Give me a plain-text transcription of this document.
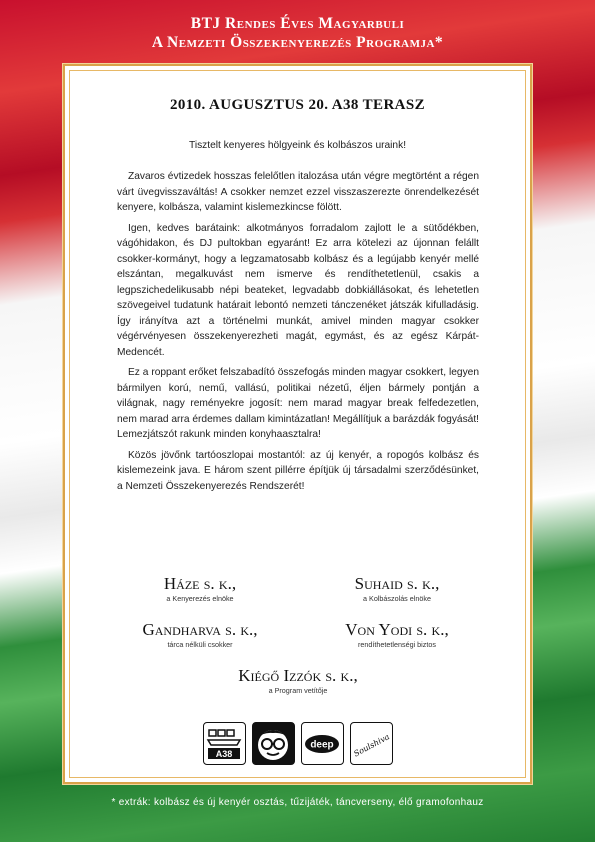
BTJ Rendes Éves Magyarbuli
A Nemzeti Összekenyerezés Programja*
2010. AUGUSZTUS 20. A38 TERASZ
Tisztelt kenyeres hölgyeink és kolbászos uraink!

Zavaros évtizedek hosszas felelőtlen italozása után végre megtörtént a régen várt üvegvisszaváltás! A csokker nemzet ezzel visszaszerezte önrendelkezését kenyere, kolbásza, valamint kislemezkincse fölött.

Igen, kedves barátaink: alkotmányos forradalom zajlott le a sütődékben, vágóhidakon, és DJ pultokban egyaránt! Ez arra kötelezi az újonnan felállt csokker-kormányt, hogy a legzamatosabb kolbász és a legújabb kenyér mellé elszántan, megalkuvást nem ismerve és rendíthetetlenül, csakis a legpszichedelikusabb népi beateket, legvadabb dobkiállásokat, és lehetetlen szövegeivel tudatunk határait lebontó nemzeti tánczenéket játszák kifulladásig. Így irányítva azt a történelmi munkát, amivel minden magyar csokker végérvényesen összekenyerezheti magát, egymást, és az egész Kárpát-Medencét.

Ez a roppant erőket felszabadító összefogás minden magyar csokkert, legyen bármilyen korú, nemű, vallású, politikai nézetű, éljen bármely pontján a világnak, nagy reményekre jogosít: nem marad magyar break felfedezetlen, nem marad arra érdemes dallam kimintázatlan! Megállítjuk a barázdák fogyását! Lemezjátszót rakunk minden konyhaasztalra!

Közös jövőnk tartóoszlopai mostantól: az új kenyér, a ropogós kolbász és kislemezeink java. E három szent pillérre építjük új társadalmi szerződésünket, a Nemzeti Összekenyerezés Rendszerét!

Háze s. k.,
a Kenyerezés elnöke
Suhaid s. k.,
a Kolbászolás elnöke
Gandharva s. k.,
tárca nélküli csokker
Von Yodi s. k.,
rendíthetetlenségi biztos
Kiégő Izzók s. k.,
a Program vetítője
A38
deep Soulshiva
* extrák: kolbász és új kenyér osztás, tűzijáték, táncverseny, élő gramofonhauz
